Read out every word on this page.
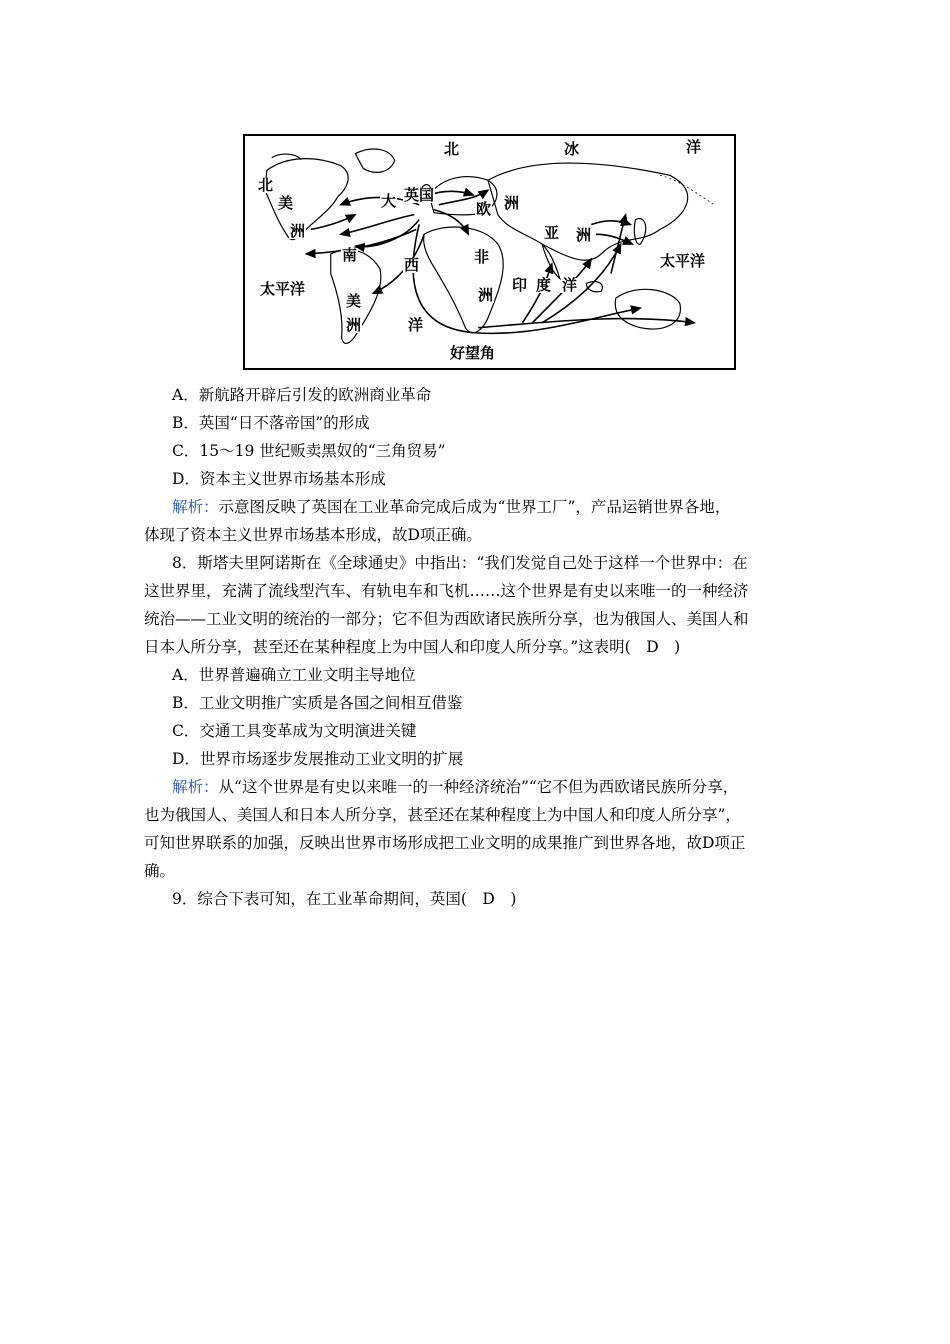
北	冰	洋
北
美
洲
大 英国
欧 洲
亚 洲
非
洲
西
洋
南
美
洲
太平洋
太平洋
印 度 洋
好望角
A．新航路开辟后引发的欧洲商业革命
B．英国“日不落帝国”的形成
C．15～19 世纪贩卖黑奴的“三角贸易”
D．资本主义世界市场基本形成
解析：示意图反映了英国在工业革命完成后成为“世界工厂”，产品运销世界各地，
体现了资本主义世界市场基本形成，故D项正确。
8．斯塔夫里阿诺斯在《全球通史》中指出：“我们发觉自己处于这样一个世界中：在
这世界里，充满了流线型汽车、有轨电车和飞机……这个世界是有史以来唯一的一种经济
统治——工业文明的统治的一部分；它不但为西欧诸民族所分享，也为俄国人、美国人和
日本人所分享，甚至还在某种程度上为中国人和印度人所分享。”这表明(　D　)
A．世界普遍确立工业文明主导地位
B．工业文明推广实质是各国之间相互借鉴
C．交通工具变革成为文明演进关键
D．世界市场逐步发展推动工业文明的扩展
解析：从“这个世界是有史以来唯一的一种经济统治”“它不但为西欧诸民族所分享，
也为俄国人、美国人和日本人所分享，甚至还在某种程度上为中国人和印度人所分享”，
可知世界联系的加强，反映出世界市场形成把工业文明的成果推广到世界各地，故D项正
确。
9．综合下表可知，在工业革命期间，英国(　D　)
